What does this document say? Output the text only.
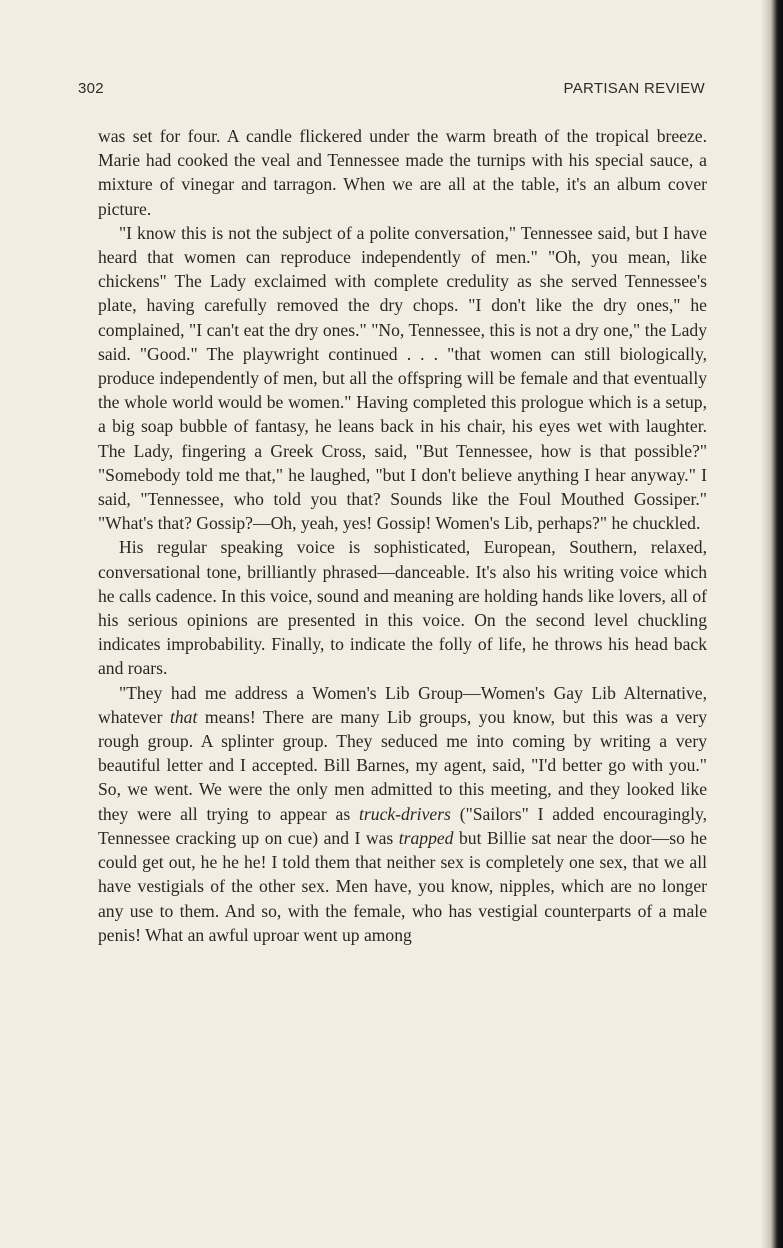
302	PARTISAN REVIEW

was set for four. A candle flickered under the warm breath of the tropical breeze. Marie had cooked the veal and Tennessee made the turnips with his special sauce, a mixture of vinegar and tarragon. When we are all at the table, it's an album cover picture.

"I know this is not the subject of a polite conversation," Tennessee said, but I have heard that women can reproduce independently of men." "Oh, you mean, like chickens" The Lady exclaimed with complete credulity as she served Tennessee's plate, having carefully removed the dry chops. "I don't like the dry ones," he complained, "I can't eat the dry ones." "No, Tennessee, this is not a dry one," the Lady said. "Good." The playwright continued . . . "that women can still biologically, produce independently of men, but all the offspring will be female and that eventually the whole world would be women." Having completed this prologue which is a setup, a big soap bubble of fantasy, he leans back in his chair, his eyes wet with laughter. The Lady, fingering a Greek Cross, said, "But Tennessee, how is that possible?" "Somebody told me that," he laughed, "but I don't believe anything I hear anyway." I said, "Tennessee, who told you that? Sounds like the Foul Mouthed Gossiper." "What's that? Gossip?—Oh, yeah, yes! Gossip! Women's Lib, perhaps?" he chuckled.

His regular speaking voice is sophisticated, European, Southern, relaxed, conversational tone, brilliantly phrased—danceable. It's also his writing voice which he calls cadence. In this voice, sound and meaning are holding hands like lovers, all of his serious opinions are presented in this voice. On the second level chuckling indicates improbability. Finally, to indicate the folly of life, he throws his head back and roars.

"They had me address a Women's Lib Group—Women's Gay Lib Alternative, whatever that means! There are many Lib groups, you know, but this was a very rough group. A splinter group. They seduced me into coming by writing a very beautiful letter and I accepted. Bill Barnes, my agent, said, "I'd better go with you." So, we went. We were the only men admitted to this meeting, and they looked like they were all trying to appear as truck-drivers ("Sailors" I added encouragingly, Tennessee cracking up on cue) and I was trapped but Billie sat near the door—so he could get out, he he he! I told them that neither sex is completely one sex, that we all have vestigials of the other sex. Men have, you know, nipples, which are no longer any use to them. And so, with the female, who has vestigial counterparts of a male penis! What an awful uproar went up among
